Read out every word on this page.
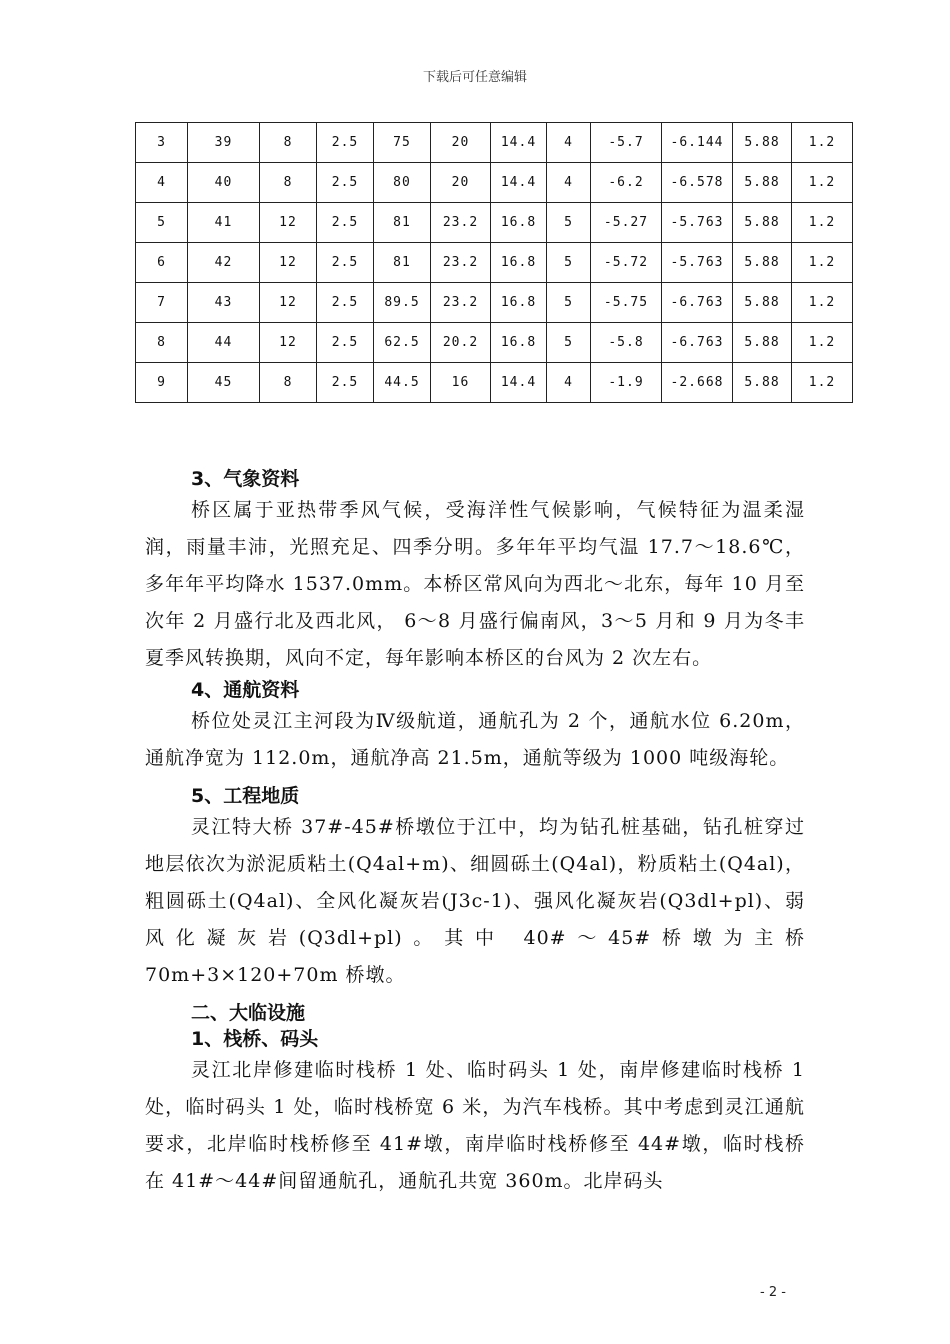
下载后可任意编辑
3	39	8	2.5	75	20	14.4	4	-5.7	-6.144	5.88	1.2
4	40	8	2.5	80	20	14.4	4	-6.2	-6.578	5.88	1.2
5	41	12	2.5	81	23.2	16.8	5	-5.27	-5.763	5.88	1.2
6	42	12	2.5	81	23.2	16.8	5	-5.72	-5.763	5.88	1.2
7	43	12	2.5	89.5	23.2	16.8	5	-5.75	-6.763	5.88	1.2
8	44	12	2.5	62.5	20.2	16.8	5	-5.8	-6.763	5.88	1.2
9	45	8	2.5	44.5	16	14.4	4	-1.9	-2.668	5.88	1.2
3、气象资料

桥区属于亚热带季风气候，受海洋性气候影响，气候特征为温柔湿润，雨量丰沛，光照充足、四季分明。多年年平均气温 17.7～18.6℃，多年年平均降水 1537.0mm。本桥区常风向为西北～北东，每年 10 月至次年 2 月盛行北及西北风， 6～8 月盛行偏南风，3～5 月和 9 月为冬丰夏季风转换期，风向不定，每年影响本桥区的台风为 2 次左右。

4、通航资料

桥位处灵江主河段为Ⅳ级航道，通航孔为 2 个，通航水位 6.20m，通航净宽为 112.0m，通航净高 21.5m，通航等级为 1000 吨级海轮。

5、工程地质

灵江特大桥 37#-45#桥墩位于江中，均为钻孔桩基础，钻孔桩穿过地层依次为淤泥质粘土(Q4al+m)、细圆砾土(Q4al)，粉质粘土(Q4al)，粗圆砾土(Q4al)、全风化凝灰岩(J3c-1)、强风化凝灰岩(Q3dl+pl)、弱风化凝灰岩(Q3dl+pl)。其中 40#～45#桥墩为主桥 70m+3×120+70m 桥墩。

二、大临设施
1、栈桥、码头

灵江北岸修建临时栈桥 1 处、临时码头 1 处，南岸修建临时栈桥 1 处，临时码头 1 处，临时栈桥宽 6 米，为汽车栈桥。其中考虑到灵江通航要求，北岸临时栈桥修至 41#墩，南岸临时栈桥修至 44#墩，临时栈桥在 41#～44#间留通航孔，通航孔共宽 360m。北岸码头

- 2 -
